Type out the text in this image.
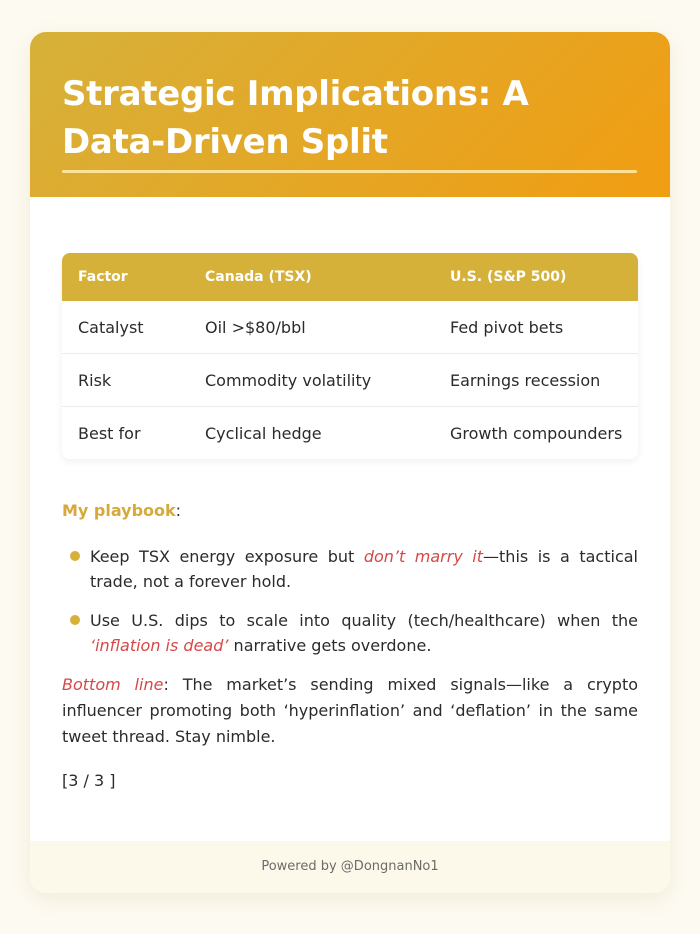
Strategic Implications: A Data-Driven Split
Factor	Canada (TSX)	U.S. (S&P 500)
Catalyst	Oil >$80/bbl	Fed pivot bets
Risk	Commodity volatility	Earnings recession
Best for	Cyclical hedge	Growth compounders

My playbook:

Keep TSX energy exposure but don’t marry it—this is a tactical trade, not a forever hold.
Use U.S. dips to scale into quality (tech/healthcare) when the ‘inflation is dead’ narrative gets overdone.

Bottom line: The market’s sending mixed signals—like a crypto influencer promoting both ‘hyperinflation’ and ‘deflation’ in the same tweet thread. Stay nimble.

[3 / 3 ]

Powered by @DongnanNo1
